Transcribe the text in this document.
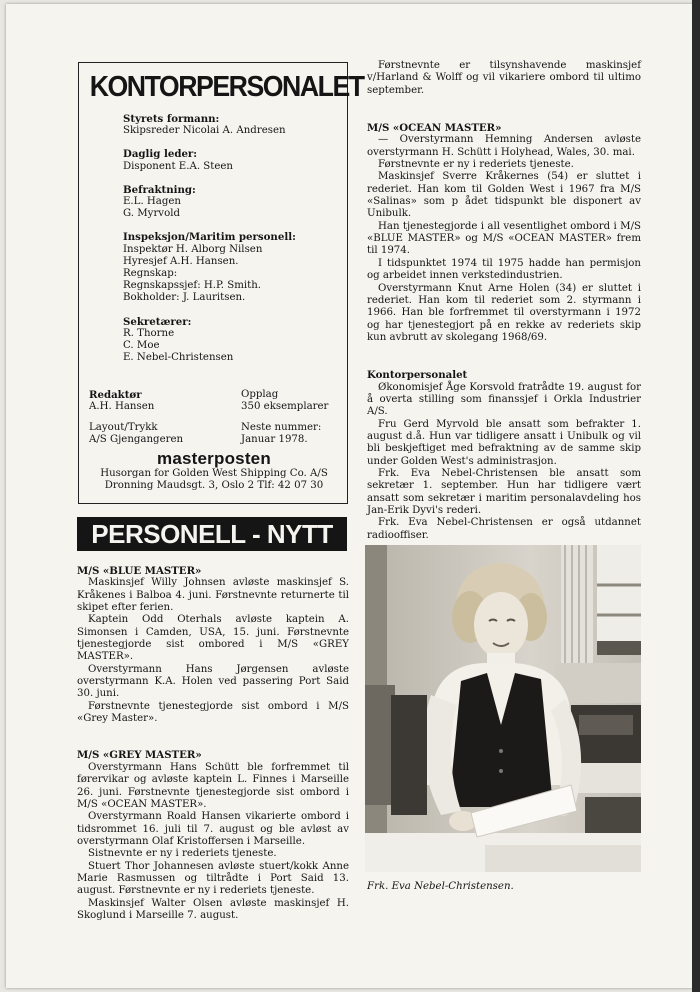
KONTORPERSONALET
Styrets formann:
Skipsreder Nicolai A. Andresen
Daglig leder:
Disponent E.A. Steen
Befraktning:
E.L. Hagen
G. Myrvold
Inspeksjon/Maritim personell:
Inspektør H. Alborg Nilsen
Hyresjef A.H. Hansen.
Regnskap:
Regnskapssjef: H.P. Smith.
Bokholder: J. Lauritsen.
Sekretærer:
R. Thorne
C. Moe
E. Nebel-Christensen
Redaktør
A.H. Hansen
Opplag
350 eksemplarer
Layout/Trykk
A/S Gjengangeren
Neste nummer:
Januar 1978.
masterposten
Husorgan for Golden West Shipping Co. A/S
Dronning Maudsgt. 3, Oslo 2 Tlf: 42 07 30
PERSONELL - NYTT
M/S «BLUE MASTER»

Maskinsjef Willy Johnsen avløste maskinsjef S. Kråkenes i Balboa 4. juni. Førstnevnte returnerte til skipet efter ferien.

Kaptein Odd Oterhals avløste kaptein A. Simonsen i Camden, USA, 15. juni. Førstnevnte tjenestegjorde sist ombored i M/S «GREY MASTER».

Overstyrmann Hans Jørgensen avløste overstyrmann K.A. Holen ved passering Port Said 30. juni.

Førstnevnte tjenestegjorde sist ombord i M/S «Grey Master».

M/S «GREY MASTER»

Overstyrmann Hans Schütt ble forfremmet til førervikar og avløste kaptein L. Finnes i Marseille 26. juni. Førstnevnte tjenestegjorde sist ombord i M/S «OCEAN MASTER».

Overstyrmann Roald Hansen vikarierte ombord i tidsrommet 16. juli til 7. august og ble avløst av overstyrmann Olaf Kristoffersen i Marseille.

Sistnevnte er ny i rederiets tjeneste.

Stuert Thor Johannesen avløste stuert/kokk Anne Marie Rasmussen og tiltrådte i Port Said 13. august. Førstnevnte er ny i rederiets tjeneste.

Maskinsjef Walter Olsen avløste maskinsjef H. Skoglund i Marseille 7. august.

Førstnevnte er tilsynshavende maskinsjef v/Harland & Wolff og vil vikariere ombord til ultimo september.

M/S «OCEAN MASTER»

— Overstyrmann Hemning Andersen avløste overstyrmann H. Schütt i Holyhead, Wales, 30. mai.

Førstnevnte er ny i rederiets tjeneste.

Maskinsjef Sverre Kråkernes (54) er sluttet i rederiet. Han kom til Golden West i 1967 fra M/S «Salinas» som p ådet tidspunkt ble disponert av Unibulk.

Han tjenestegjorde i all vesentlighet ombord i M/S «BLUE MASTER» og M/S «OCEAN MASTER» frem til 1974.

I tidspunktet 1974 til 1975 hadde han permisjon og arbeidet innen verkstedindustrien.

Overstyrmann Knut Arne Holen (34) er sluttet i rederiet. Han kom til rederiet som 2. styrmann i 1966. Han ble forfremmet til overstyrmann i 1972 og har tjenestegjort på en rekke av rederiets skip kun avbrutt av skolegang 1968/69.

Kontorpersonalet

Økonomisjef Åge Korsvold fratrådte 19. august for å overta stilling som finanssjef i Orkla Industrier A/S.

Fru Gerd Myrvold ble ansatt som befrakter 1. august d.å. Hun var tidligere ansatt i Unibulk og vil bli beskjeftiget med befraktning av de samme skip under Golden West's administrasjon.

Frk. Eva Nebel-Christensen ble ansatt som sekretær 1. september. Hun har tidligere vært ansatt som sekretær i maritim personalavdeling hos Jan-Erik Dyvi's rederi.

Frk. Eva Nebel-Christensen er også utdannet radiooffiser.

Frk. Eva Nebel-Christensen.
